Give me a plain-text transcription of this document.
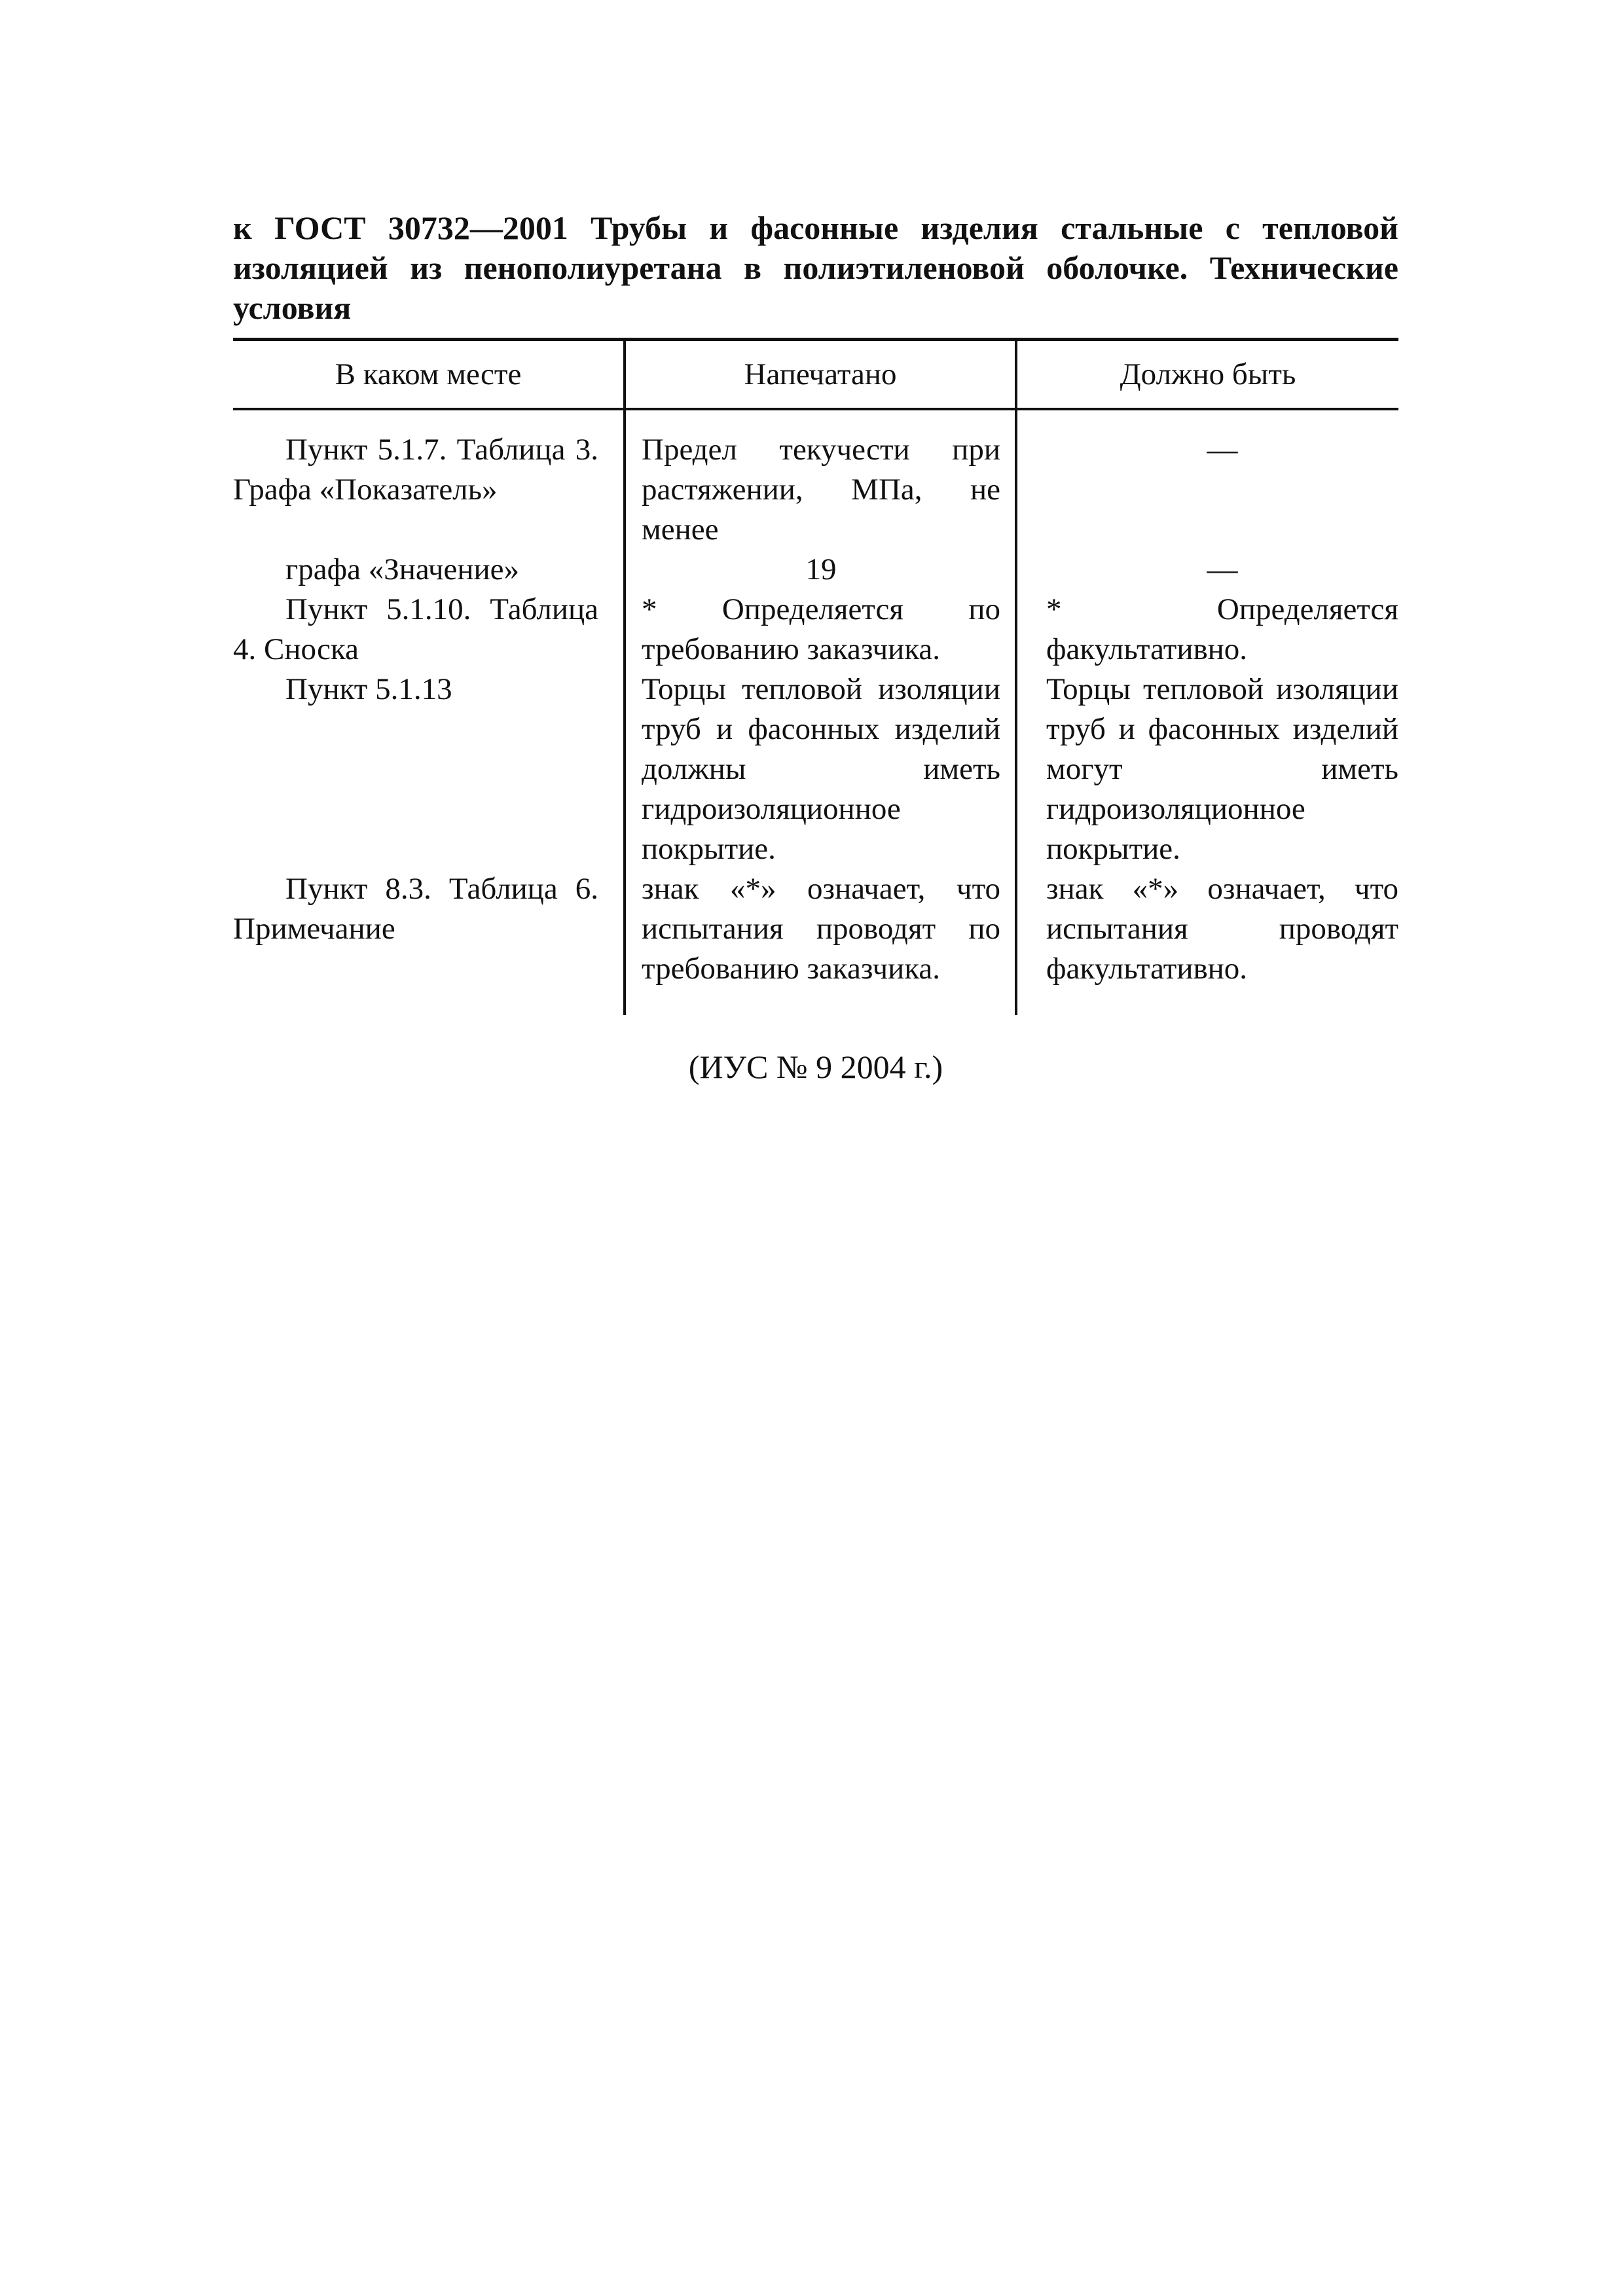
к ГОСТ 30732—2001 Трубы и фасонные изделия стальные с тепловой изоляцией из пенополиуретана в полиэтиленовой оболочке. Технические условия

В каком месте	Напечатано	Должно быть
Пункт 5.1.7. Таблица 3. Графа «Показатель»	Предел текучести при растяжении, МПа, не менее	—
графа «Значение»	19	—
Пункт 5.1.10. Таблица 4. Сноска	* Определяется по требованию заказчика.	* Определяется факультативно.
Пункт 5.1.13	Торцы тепловой изоляции труб и фасонных изделий должны иметь гидроизоляционное покрытие.	Торцы тепловой изоляции труб и фасонных изделий могут иметь гидроизоляционное покрытие.
Пункт 8.3. Таблица 6. Примечание	знак «*» означает, что испытания проводят по требованию заказчика.	знак «*» означает, что испытания проводят факультативно.

(ИУС № 9 2004 г.)
